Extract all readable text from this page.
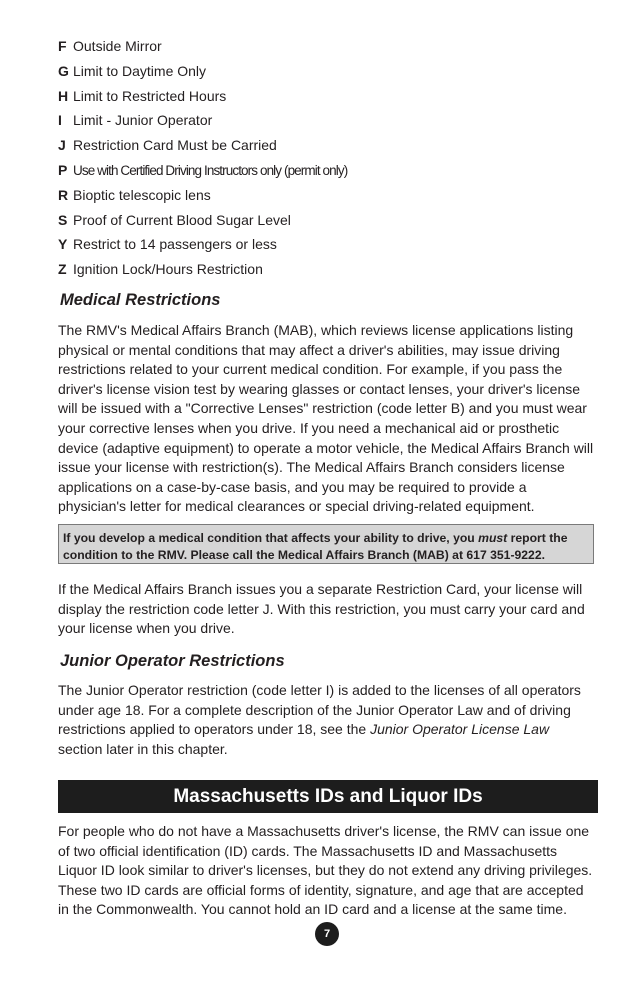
F Outside Mirror
G Limit to Daytime Only
H Limit to Restricted Hours
I Limit - Junior Operator
J Restriction Card Must be Carried
P Use with Certified Driving Instructors only (permit only)
R Bioptic telescopic lens
S Proof of Current Blood Sugar Level
Y Restrict to 14 passengers or less
Z Ignition Lock/Hours Restriction
Medical Restrictions

The RMV's Medical Affairs Branch (MAB), which reviews license applications listing physical or mental conditions that may affect a driver's abilities, may issue driving restrictions related to your current medical condition. For example, if you pass the driver's license vision test by wearing glasses or contact lenses, your driver's license will be issued with a "Corrective Lenses" restriction (code letter B) and you must wear your corrective lenses when you drive. If you need a mechanical aid or prosthetic device (adaptive equipment) to operate a motor vehicle, the Medical Affairs Branch will issue your license with restriction(s). The Medical Affairs Branch considers license applications on a case-by-case basis, and you may be required to provide a physician's letter for medical clearances or special driving-related equipment.

If you develop a medical condition that affects your ability to drive, you must report the condition to the RMV. Please call the Medical Affairs Branch (MAB) at 617 351-9222.

If the Medical Affairs Branch issues you a separate Restriction Card, your license will display the restriction code letter J. With this restriction, you must carry your card and your license when you drive.

Junior Operator Restrictions

The Junior Operator restriction (code letter I) is added to the licenses of all operators under age 18. For a complete description of the Junior Operator Law and of driving restrictions applied to operators under 18, see the Junior Operator License Law section later in this chapter.

Massachusetts IDs and Liquor IDs

For people who do not have a Massachusetts driver's license, the RMV can issue one of two official identification (ID) cards. The Massachusetts ID and Massachusetts Liquor ID look similar to driver's licenses, but they do not extend any driving privileges. These two ID cards are official forms of identity, signature, and age that are accepted in the Commonwealth. You cannot hold an ID card and a license at the same time.

7
